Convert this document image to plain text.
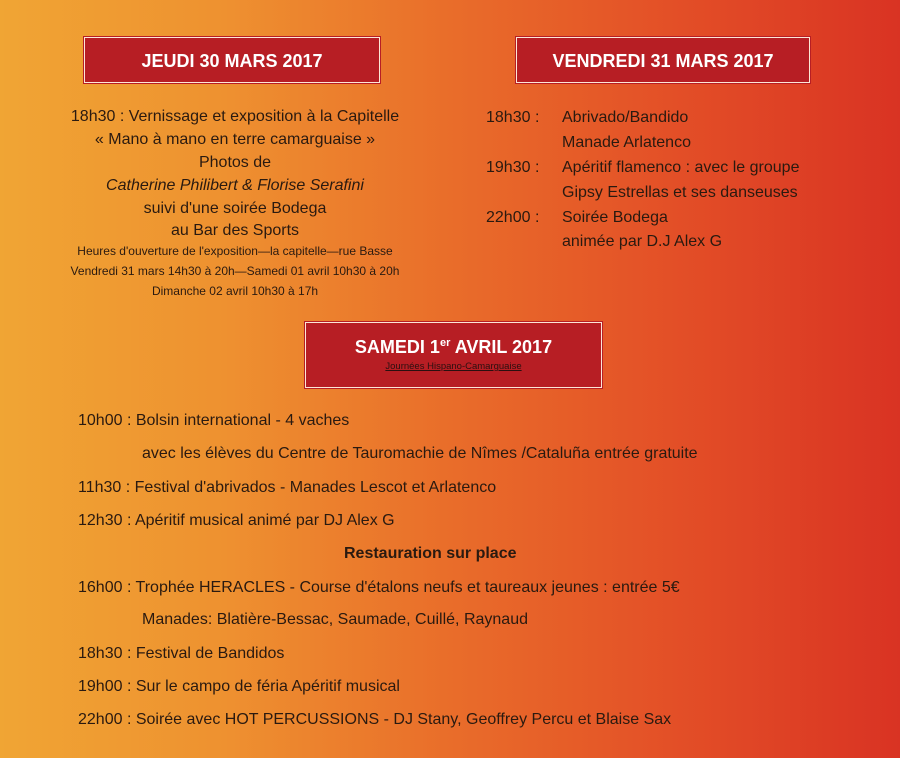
JEUDI 30 MARS 2017	VENDREDI 31 MARS 2017
SAMEDI 1er AVRIL 2017
Journées Hispano-Camarguaise
18h30 : Vernissage et exposition à la Capitelle
« Mano à mano en terre camarguaise »
Photos de
Catherine Philibert & Florise Serafini
suivi d'une soirée Bodega
au Bar des Sports
Heures d'ouverture de l'exposition—la capitelle—rue Basse
Vendredi 31 mars 14h30 à 20h—Samedi 01 avril 10h30 à 20h
Dimanche 02 avril 10h30 à 17h
18h30 : Abrivado/Bandido
Manade Arlatenco
19h30 : Apéritif flamenco : avec le groupe
Gipsy Estrellas et ses danseuses
22h00 : Soirée Bodega
animée par D.J Alex G
10h00 : Bolsin international - 4 vaches
avec les élèves du Centre de Tauromachie de Nîmes /Cataluña entrée gratuite
11h30 : Festival d'abrivados - Manades Lescot et Arlatenco
12h30 : Apéritif musical animé par DJ Alex G
Restauration sur place
16h00 : Trophée HERACLES - Course d'étalons neufs et taureaux jeunes : entrée 5€
Manades: Blatière-Bessac, Saumade, Cuillé, Raynaud
18h30 : Festival de Bandidos
19h00 : Sur le campo de féria Apéritif musical
22h00 : Soirée avec HOT PERCUSSIONS - DJ Stany, Geoffrey Percu et Blaise Sax
